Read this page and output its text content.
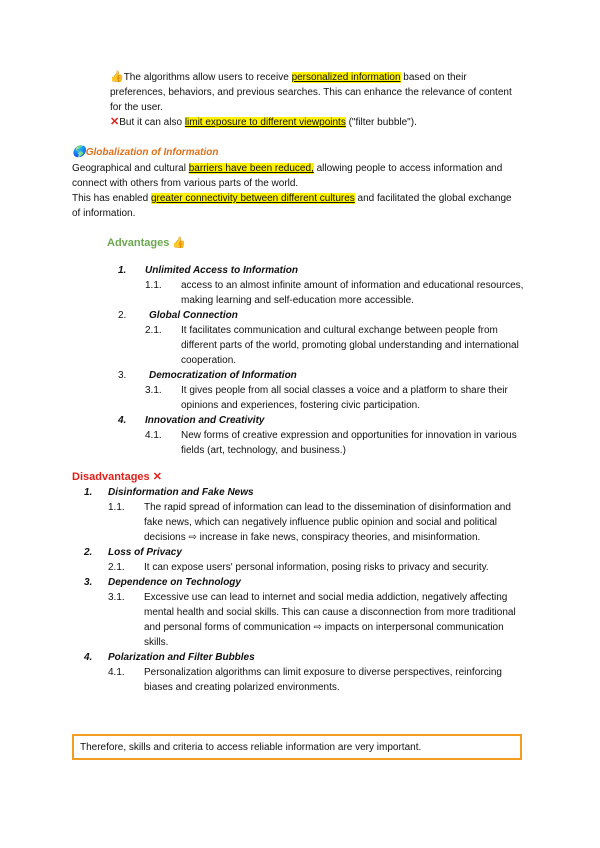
👍The algorithms allow users to receive personalized information based on their preferences, behaviors, and previous searches. This can enhance the relevance of content for the user.

✕But it can also limit exposure to different viewpoints ("filter bubble").

🌎Globalization of Information

Geographical and cultural barriers have been reduced, allowing people to access information and connect with others from various parts of the world.

This has enabled greater connectivity between different cultures and facilitated the global exchange of information.

Advantages 👍
1.	Unlimited Access to Information
1.1. access to an almost infinite amount of information and educational resources, making learning and self-education more accessible.
2.	Global Connection
2.1. It facilitates communication and cultural exchange between people from different parts of the world, promoting global understanding and international cooperation.
3.	Democratization of Information
3.1. It gives people from all social classes a voice and a platform to share their opinions and experiences, fostering civic participation.
4.	Innovation and Creativity
4.1. New forms of creative expression and opportunities for innovation in various fields (art, technology, and business.)
Disadvantages ✕
1.	Disinformation and Fake News
1.1. The rapid spread of information can lead to the dissemination of disinformation and fake news, which can negatively influence public opinion and social and political decisions ⇨ increase in fake news, conspiracy theories, and misinformation.
2.	Loss of Privacy
2.1. It can expose users' personal information, posing risks to privacy and security.
3.	Dependence on Technology
3.1. Excessive use can lead to internet and social media addiction, negatively affecting mental health and social skills. This can cause a disconnection from more traditional and personal forms of communication ⇨ impacts on interpersonal communication skills.
4.	Polarization and Filter Bubbles
4.1. Personalization algorithms can limit exposure to diverse perspectives, reinforcing biases and creating polarized environments.
Therefore, skills and criteria to access reliable information are very important.
